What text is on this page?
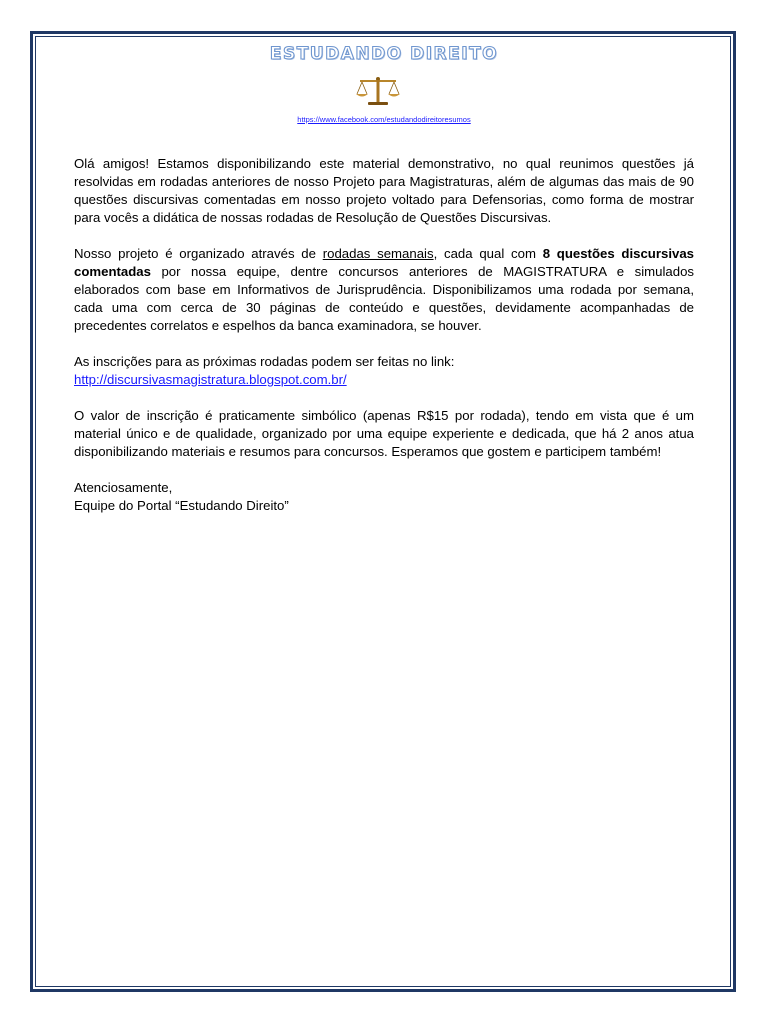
ESTUDANDO DIREITO
https://www.facebook.com/estudandodireitoresumos

Olá amigos! Estamos disponibilizando este material demonstrativo, no qual reunimos questões já resolvidas em rodadas anteriores de nosso Projeto para Magistraturas, além de algumas das mais de 90 questões discursivas comentadas em nosso projeto voltado para Defensorias, como forma de mostrar para vocês a didática de nossas rodadas de Resolução de Questões Discursivas.

Nosso projeto é organizado através de rodadas semanais, cada qual com 8 questões discursivas comentadas por nossa equipe, dentre concursos anteriores de MAGISTRATURA e simulados elaborados com base em Informativos de Jurisprudência. Disponibilizamos uma rodada por semana, cada uma com cerca de 30 páginas de conteúdo e questões, devidamente acompanhadas de precedentes correlatos e espelhos da banca examinadora, se houver.

As inscrições para as próximas rodadas podem ser feitas no link:
http://discursivasmagistratura.blogspot.com.br/

O valor de inscrição é praticamente simbólico (apenas R$15 por rodada), tendo em vista que é um material único e de qualidade, organizado por uma equipe experiente e dedicada, que há 2 anos atua disponibilizando materiais e resumos para concursos. Esperamos que gostem e participem também!

Atenciosamente,
Equipe do Portal “Estudando Direito”
